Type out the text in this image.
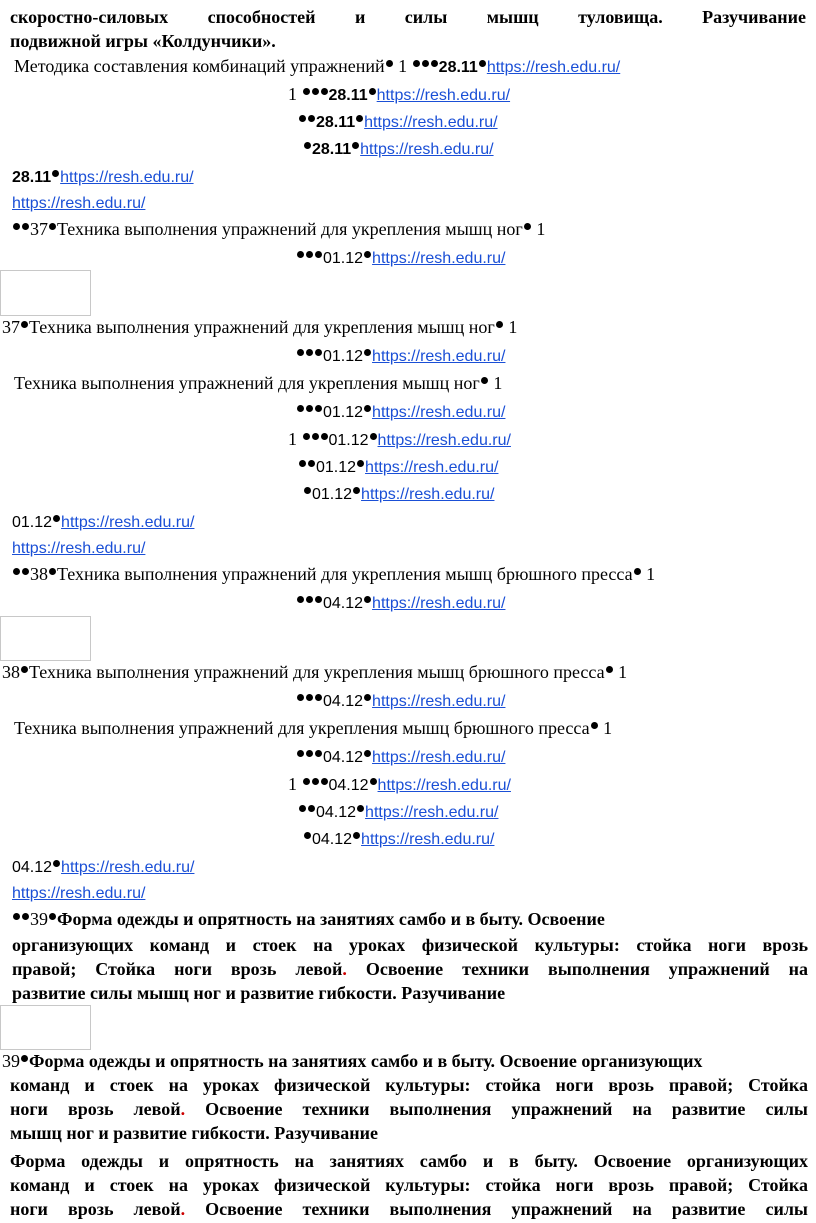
скоростно-силовых способностей и силы мышц туловища. Разучивание
подвижной игры «Колдунчики».
Методика составления комбинаций упражнений 1 28.11 https://resh.edu.ru/
1 28.11 https://resh.edu.ru/
28.11 https://resh.edu.ru/
28.11 https://resh.edu.ru/
28.11 https://resh.edu.ru/
https://resh.edu.ru/
37 Техника выполнения упражнений для укрепления мышц ног 1
01.12 https://resh.edu.ru/
37 Техника выполнения упражнений для укрепления мышц ног 1
01.12 https://resh.edu.ru/
Техника выполнения упражнений для укрепления мышц ног 1
01.12 https://resh.edu.ru/
1 01.12 https://resh.edu.ru/
01.12 https://resh.edu.ru/
01.12 https://resh.edu.ru/
01.12 https://resh.edu.ru/
https://resh.edu.ru/
38 Техника выполнения упражнений для укрепления мышц брюшного пресса 1
04.12 https://resh.edu.ru/
38 Техника выполнения упражнений для укрепления мышц брюшного пресса 1
04.12 https://resh.edu.ru/
Техника выполнения упражнений для укрепления мышц брюшного пресса 1
04.12 https://resh.edu.ru/
1 04.12 https://resh.edu.ru/
04.12 https://resh.edu.ru/
04.12 https://resh.edu.ru/
04.12 https://resh.edu.ru/
https://resh.edu.ru/
39 Форма одежды и опрятность на занятиях самбо и в быту. Освоение
организующих команд и стоек на уроках физической культуры: стойка ноги врозь
правой; Стойка ноги врозь левой. Освоение техники выполнения упражнений на
развитие силы мышц ног и развитие гибкости. Разучивание
39 Форма одежды и опрятность на занятиях самбо и в быту. Освоение организующих
команд и стоек на уроках физической культуры: стойка ноги врозь правой; Стойка
ноги врозь левой. Освоение техники выполнения упражнений на развитие силы
мышц ног и развитие гибкости. Разучивание
Форма одежды и опрятность на занятиях самбо и в быту. Освоение организующих
команд и стоек на уроках физической культуры: стойка ноги врозь правой; Стойка
ноги врозь левой. Освоение техники выполнения упражнений на развитие силы
